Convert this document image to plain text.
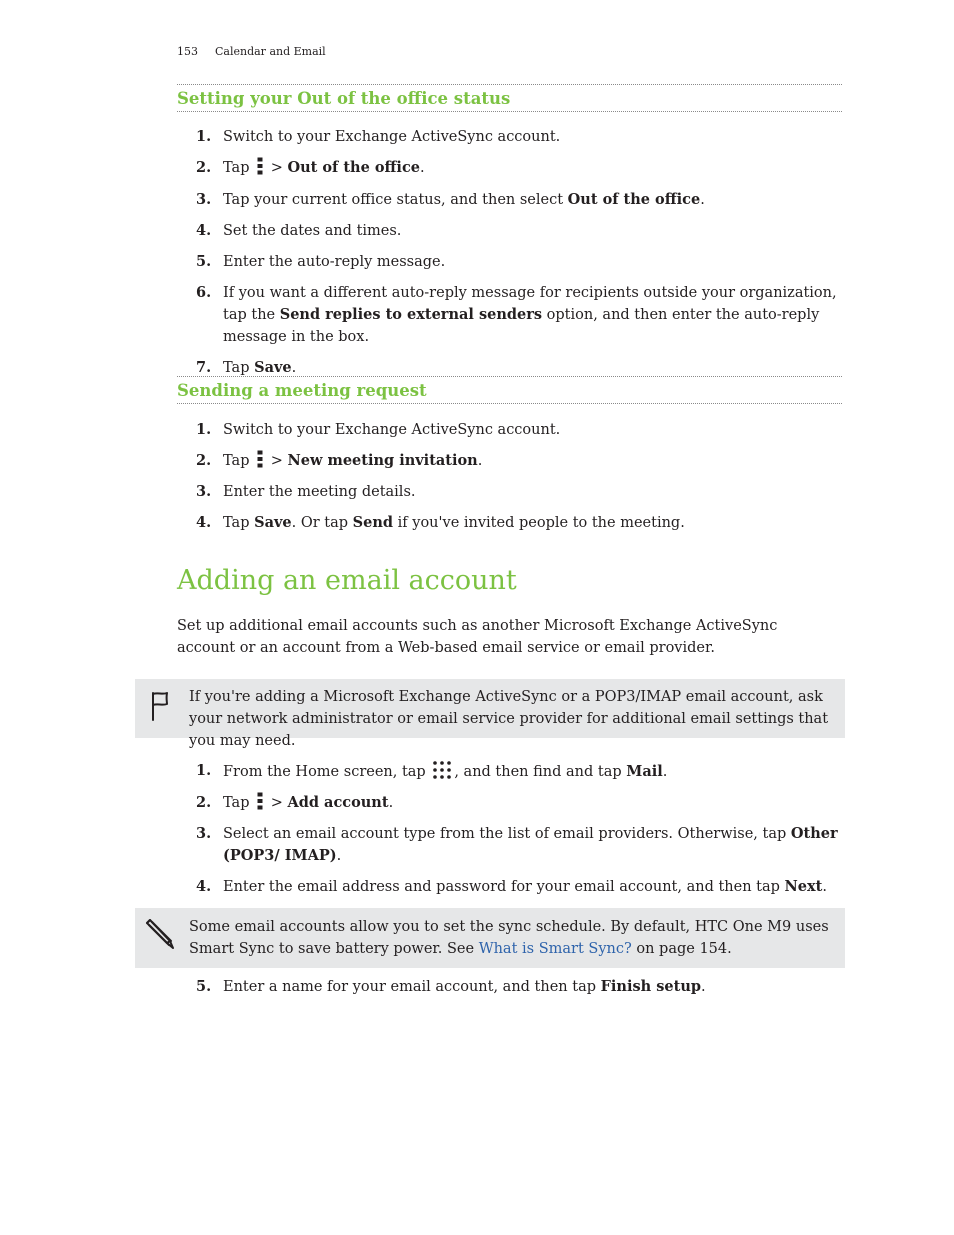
153 Calendar and Email
Setting your Out of the office status
1. Switch to your Exchange ActiveSync account.
2. Tap > Out of the office.
3. Tap your current office status, and then select Out of the office.
4. Set the dates and times.
5. Enter the auto-reply message.
6. If you want a different auto-reply message for recipients outside your organization, tap the Send replies to external senders option, and then enter the auto-reply message in the box.
7. Tap Save.
Sending a meeting request
1. Switch to your Exchange ActiveSync account.
2. Tap > New meeting invitation.
3. Enter the meeting details.
4. Tap Save. Or tap Send if you've invited people to the meeting.
Adding an email account
Set up additional email accounts such as another Microsoft Exchange ActiveSync account or an account from a Web-based email service or email provider.
If you're adding a Microsoft Exchange ActiveSync or a POP3/IMAP email account, ask your network administrator or email service provider for additional email settings that you may need.
1. From the Home screen, tap , and then find and tap Mail.
2. Tap > Add account.
3. Select an email account type from the list of email providers. Otherwise, tap Other (POP3/ IMAP).
4. Enter the email address and password for your email account, and then tap Next.
Some email accounts allow you to set the sync schedule. By default, HTC One M9 uses Smart Sync to save battery power. See What is Smart Sync? on page 154.
5. Enter a name for your email account, and then tap Finish setup.
